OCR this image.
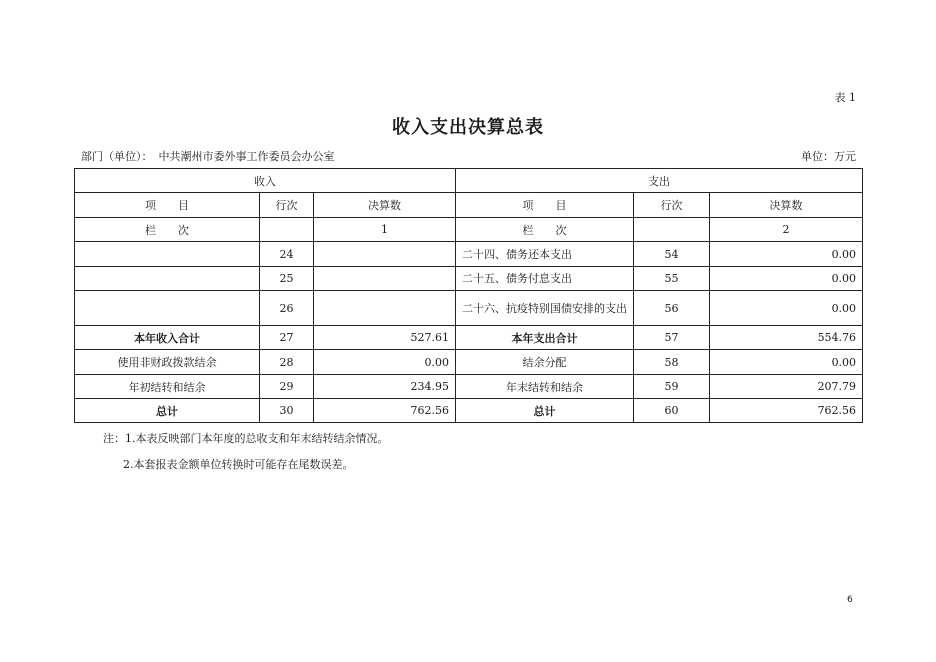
表 1
收入支出决算总表
部门（单位）： 中共潮州市委外事工作委员会办公室	单位：万元
收入			支出		
项　　目	行次	决算数	项　　目	行次	决算数
栏　　次		1	栏　　次		2
	24		二十四、债务还本支出	54	0.00
	25		二十五、债务付息支出	55	0.00
	26		二十六、抗疫特别国债安排的支出	56	0.00
本年收入合计	27	527.61	本年支出合计	57	554.76
使用非财政拨款结余	28	0.00	结余分配	58	0.00
年初结转和结余	29	234.95	年末结转和结余	59	207.79
总计	30	762.56	总计	60	762.56
注：1.本表反映部门本年度的总收支和年末结转结余情况。
2.本套报表金额单位转换时可能存在尾数误差。
6
